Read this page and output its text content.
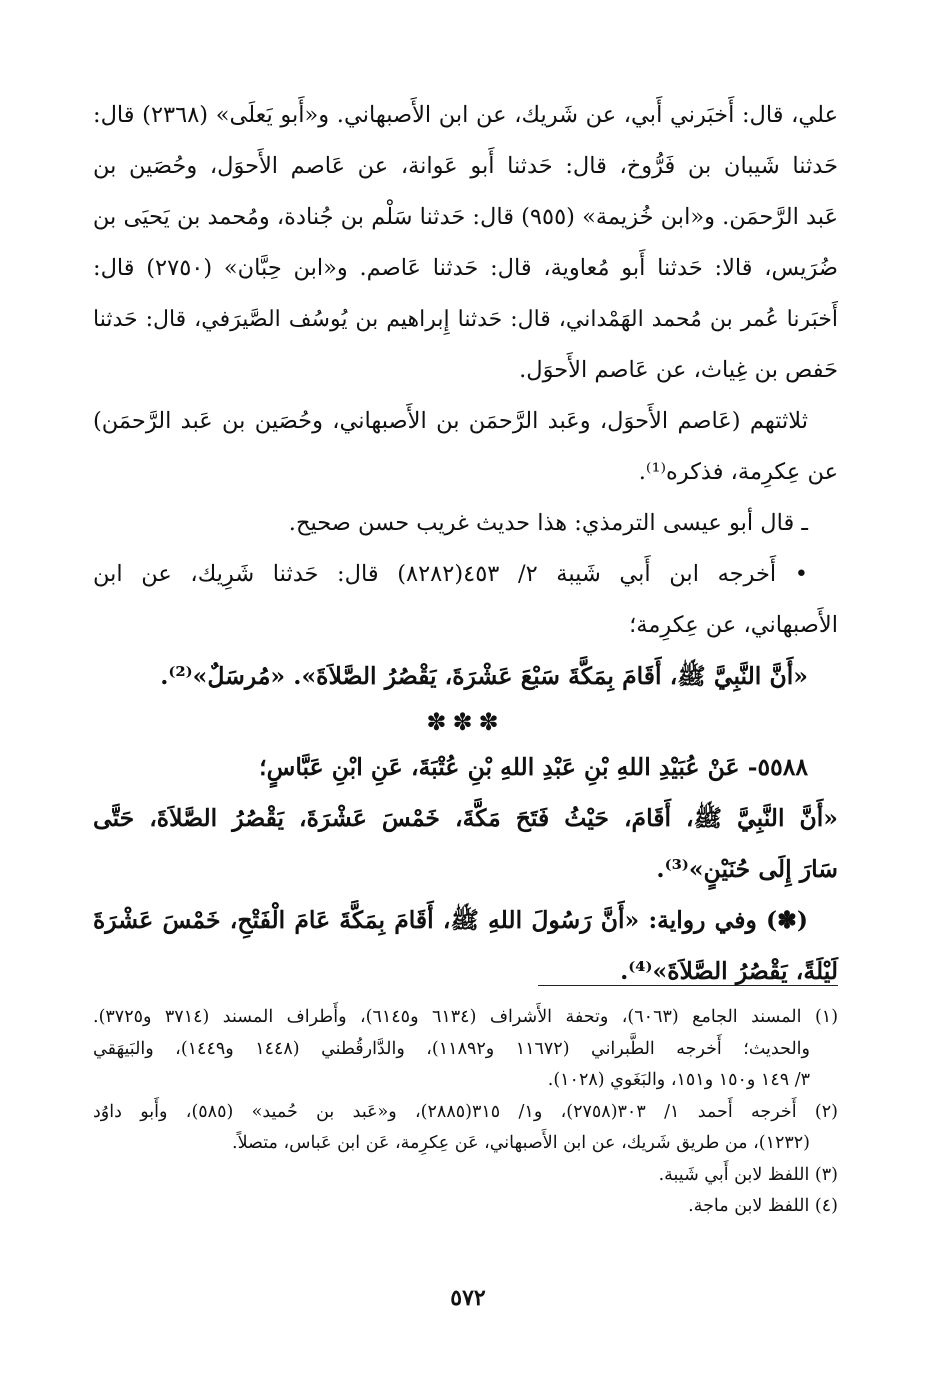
علي، قال: أَخبَرني أَبي، عن شَريك، عن ابن الأَصبهاني. و«أَبو يَعلَى» (٢٣٦٨) قال:
حَدثنا شَيبان بن فَرُّوخ، قال: حَدثنا أَبو عَوانة، عن عَاصم الأَحوَل، وحُصَين بن
عَبد الرَّحمَن. و«ابن خُزيمة» (٩٥٥) قال: حَدثنا سَلْم بن جُنادة، ومُحمد بن يَحيَى بن
ضُرَيس، قالا: حَدثنا أَبو مُعاوية، قال: حَدثنا عَاصم. و«ابن حِبَّان» (٢٧٥٠) قال:
أَخبَرنا عُمر بن مُحمد الهَمْداني، قال: حَدثنا إِبراهيم بن يُوسُف الصَّيرَفي، قال: حَدثنا
حَفص بن غِياث، عن عَاصم الأَحوَل.
ثلاثتهم (عَاصم الأَحوَل، وعَبد الرَّحمَن بن الأَصبهاني، وحُصَين بن عَبد الرَّحمَن)
عن عِكرِمة، فذكره⁽¹⁾.
ـ قال أبو عيسى الترمذي: هذا حديث غريب حسن صحيح.
• أَخرجه ابن أَبي شَيبة ٢/ ٤٥٣(٨٢٨٢) قال: حَدثنا شَرِيك، عن ابن
الأَصبهاني، عن عِكرِمة؛
«أَنَّ النَّبِيَّ ﷺ، أَقَامَ بِمَكَّةَ سَبْعَ عَشْرَةَ، يَقْصُرُ الصَّلاَةَ». «مُرسَلٌ»⁽²⁾.
✽✽✽
٥٥٨٨- عَنْ عُبَيْدِ اللهِ بْنِ عَبْدِ اللهِ بْنِ عُتْبَةَ، عَنِ ابْنِ عَبَّاسٍ؛
«أَنَّ النَّبِيَّ ﷺ، أَقَامَ، حَيْثُ فَتَحَ مَكَّةَ، خَمْسَ عَشْرَةَ، يَقْصُرُ الصَّلاَةَ، حَتَّى
سَارَ إِلَى حُنَيْنٍ»⁽³⁾.
(✽) وفي رواية: «أَنَّ رَسُولَ اللهِ ﷺ، أَقَامَ بِمَكَّةَ عَامَ الْفَتْحِ، خَمْسَ عَشْرَةَ
لَيْلَةً، يَقْصُرُ الصَّلاَةَ»⁽⁴⁾.
(١) المسند الجامع (٦٠٦٣)، وتحفة الأَشراف (٦١٣٤ و٦١٤٥)، وأَطراف المسند (٣٧١٤ و٣٧٢٥).
والحديث؛ أَخرجه الطَّبراني (١١٦٧٢ و١١٨٩٢)، والدَّارقُطني (١٤٤٨ و١٤٤٩)، والبَيهَقي
٣/ ١٤٩ و١٥٠ و١٥١، والبَغَوي (١٠٢٨).
(٢) أَخرجه أَحمد ١/ ٣٠٣(٢٧٥٨)، و١/ ٣١٥(٢٨٨٥)، و«عَبد بن حُميد» (٥٨٥)، وأَبو داوُد
(١٢٣٢)، من طريق شَريك، عن ابن الأَصبهاني، عَن عِكرِمة، عَن ابن عَباس، متصلاً.
(٣) اللفظ لابن أَبي شَيبة.
(٤) اللفظ لابن ماجة.
٥٧٢
